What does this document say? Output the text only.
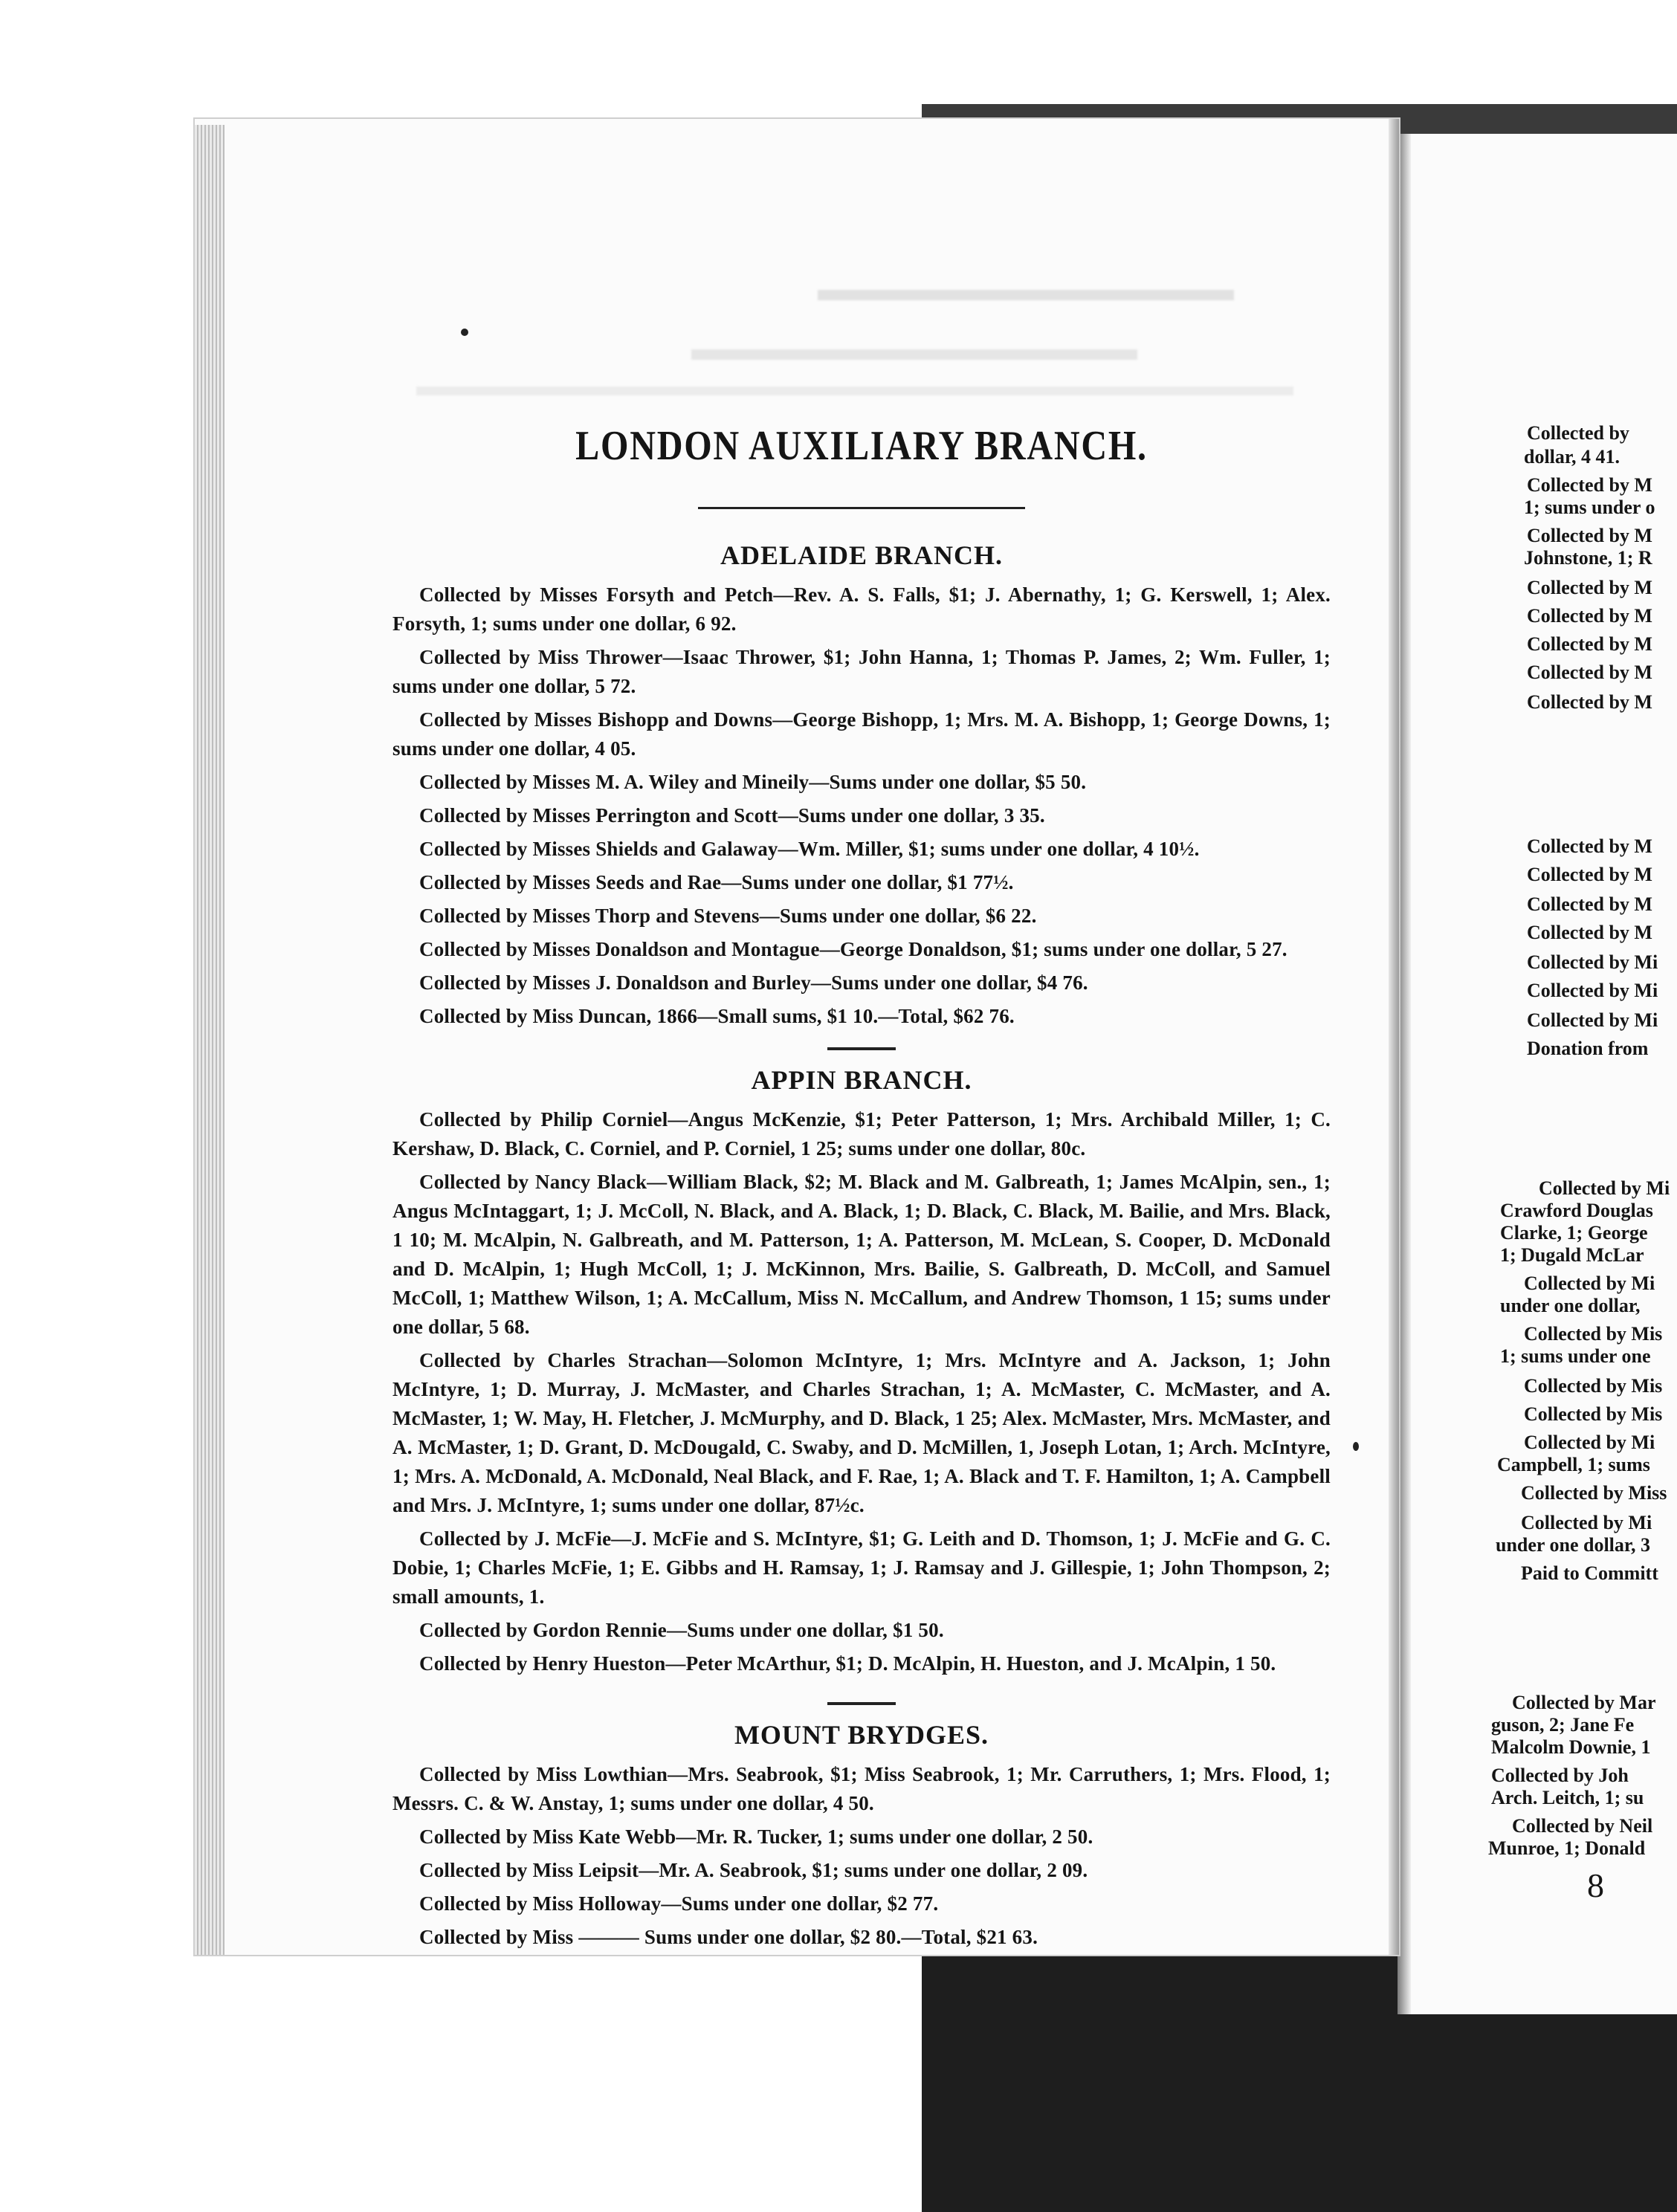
LONDON AUXILIARY BRANCH.
ADELAIDE BRANCH.

Collected by Misses Forsyth and Petch—Rev. A. S. Falls, $1; J. Abernathy, 1; G. Kerswell, 1; Alex. Forsyth, 1; sums under one dollar, 6 92.

Collected by Miss Thrower—Isaac Thrower, $1; John Hanna, 1; Thomas P. James, 2; Wm. Fuller, 1; sums under one dollar, 5 72.

Collected by Misses Bishopp and Downs—George Bishopp, 1; Mrs. M. A. Bishopp, 1; George Downs, 1; sums under one dollar, 4 05.

Collected by Misses M. A. Wiley and Mineily—Sums under one dollar, $5 50.

Collected by Misses Perrington and Scott—Sums under one dollar, 3 35.

Collected by Misses Shields and Galaway—Wm. Miller, $1; sums under one dollar, 4 10½.

Collected by Misses Seeds and Rae—Sums under one dollar, $1 77½.

Collected by Misses Thorp and Stevens—Sums under one dollar, $6 22.

Collected by Misses Donaldson and Montague—George Donaldson, $1; sums under one dollar, 5 27.

Collected by Misses J. Donaldson and Burley—Sums under one dollar, $4 76.

Collected by Miss Duncan, 1866—Small sums, $1 10.—Total, $62 76.

APPIN BRANCH.

Collected by Philip Corniel—Angus McKenzie, $1; Peter Patterson, 1; Mrs. Archibald Miller, 1; C. Kershaw, D. Black, C. Corniel, and P. Corniel, 1 25; sums under one dollar, 80c.

Collected by Nancy Black—William Black, $2; M. Black and M. Galbreath, 1; James McAlpin, sen., 1; Angus McIntaggart, 1; J. McColl, N. Black, and A. Black, 1; D. Black, C. Black, M. Bailie, and Mrs. Black, 1 10; M. McAlpin, N. Galbreath, and M. Patterson, 1; A. Patterson, M. McLean, S. Cooper, D. McDonald and D. McAlpin, 1; Hugh McColl, 1; J. McKinnon, Mrs. Bailie, S. Galbreath, D. McColl, and Samuel McColl, 1; Matthew Wilson, 1; A. McCallum, Miss N. McCallum, and Andrew Thomson, 1 15; sums under one dollar, 5 68.

Collected by Charles Strachan—Solomon McIntyre, 1; Mrs. McIntyre and A. Jackson, 1; John McIntyre, 1; D. Murray, J. McMaster, and Charles Strachan, 1; A. McMaster, C. McMaster, and A. McMaster, 1; W. May, H. Fletcher, J. McMurphy, and D. Black, 1 25; Alex. McMaster, Mrs. McMaster, and A. McMaster, 1; D. Grant, D. McDougald, C. Swaby, and D. McMillen, 1, Joseph Lotan, 1; Arch. McIntyre, 1; Mrs. A. McDonald, A. McDonald, Neal Black, and F. Rae, 1; A. Black and T. F. Hamilton, 1; A. Campbell and Mrs. J. McIntyre, 1; sums under one dollar, 87½c.

Collected by J. McFie—J. McFie and S. McIntyre, $1; G. Leith and D. Thomson, 1; J. McFie and G. C. Dobie, 1; Charles McFie, 1; E. Gibbs and H. Ramsay, 1; J. Ramsay and J. Gillespie, 1; John Thompson, 2; small amounts, 1.

Collected by Gordon Rennie—Sums under one dollar, $1 50.

Collected by Henry Hueston—Peter McArthur, $1; D. McAlpin, H. Hueston, and J. McAlpin, 1 50.

MOUNT BRYDGES.

Collected by Miss Lowthian—Mrs. Seabrook, $1; Miss Seabrook, 1; Mr. Carruthers, 1; Mrs. Flood, 1; Messrs. C. & W. Anstay, 1; sums under one dollar, 4 50.

Collected by Miss Kate Webb—Mr. R. Tucker, 1; sums under one dollar, 2 50.

Collected by Miss Leipsit—Mr. A. Seabrook, $1; sums under one dollar, 2 09.

Collected by Miss Holloway—Sums under one dollar, $2 77.

Collected by Miss ——— Sums under one dollar, $2 80.—Total, $21 63.

Collected by
dollar, 4 41.
Collected by M
1; sums under o
Collected by M
Johnstone, 1; R
Collected by M
Collected by M
Collected by M
Collected by M
Collected by M
Collected by M
Collected by M
Collected by M
Collected by M
Collected by Mi
Collected by Mi
Collected by Mi
Donation from
Collected by Mi
Crawford Douglas
Clarke, 1; George
1; Dugald McLar
Collected by Mi
under one dollar,
Collected by Mis
1; sums under one
Collected by Mis
Collected by Mis
Collected by Mi
Campbell, 1; sums
Collected by Miss
Collected by Mi
under one dollar, 3
Paid to Committ
Collected by Mar
guson, 2; Jane Fe
Malcolm Downie, 1
Collected by Joh
Arch. Leitch, 1; su
Collected by Neil
Munroe, 1; Donald
8
